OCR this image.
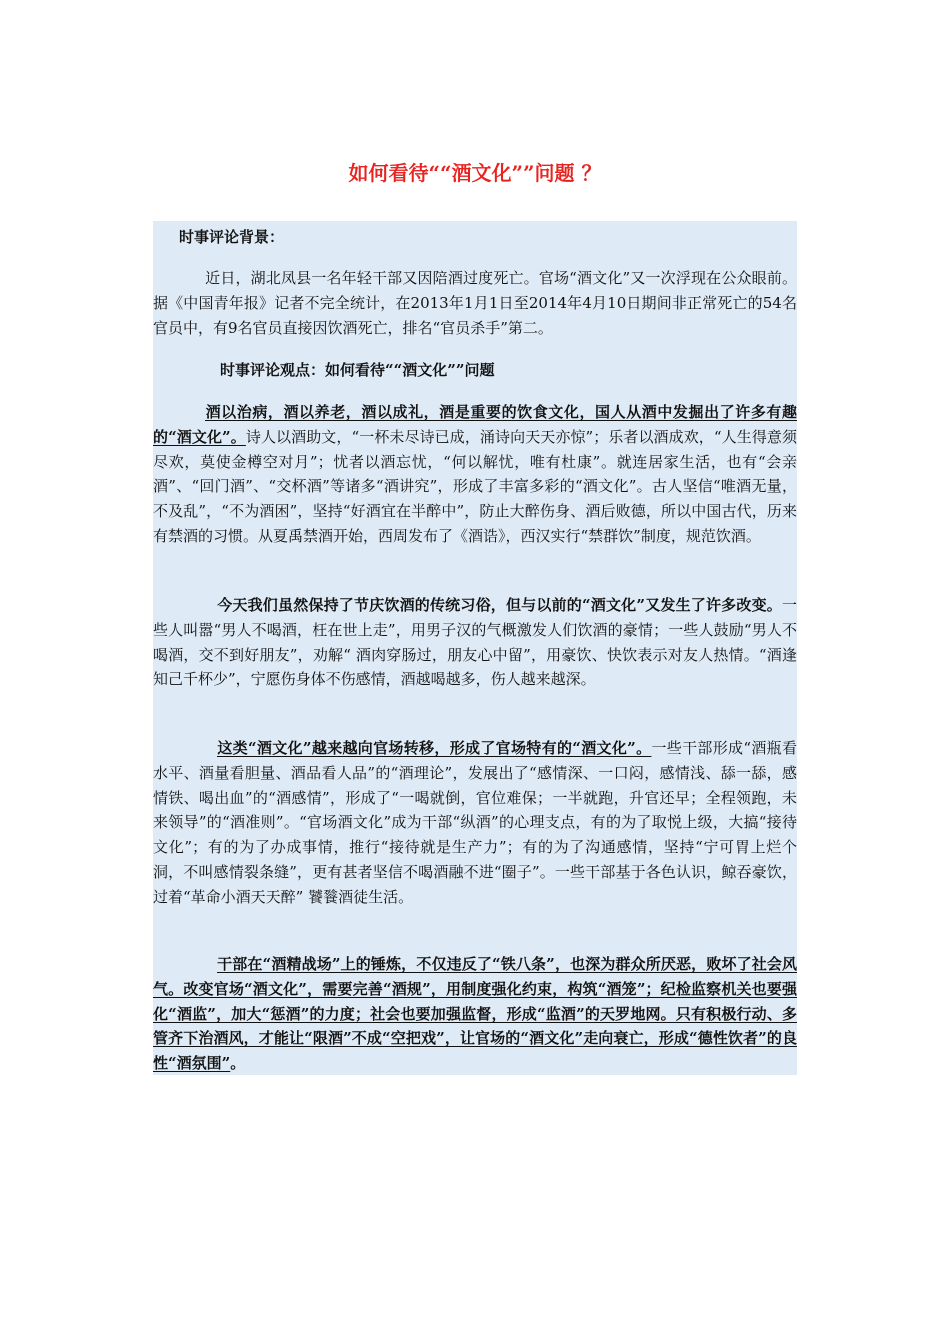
如何看待““酒文化””问题 ？
时事评论背景：
近日，湖北凤县一名年轻干部又因陪酒过度死亡。官场“酒文化”又一次浮现在公众眼前。据《中国青年报》记者不完全统计，在2013年1月1日至2014年4月10日期间非正常死亡的54名官员中，有9名官员直接因饮酒死亡，排名“官员杀手”第二。
时事评论观点：如何看待““酒文化””问题
酒以治病，酒以养老，酒以成礼，酒是重要的饮食文化，国人从酒中发掘出了许多有趣的“酒文化”。诗人以酒助文，“一杯未尽诗已成，涌诗向天天亦惊”；乐者以酒成欢，“人生得意须尽欢，莫使金樽空对月”；忧者以酒忘忧，“何以解忧，唯有杜康”。就连居家生活，也有“会亲酒”、“回门酒”、“交杯酒”等诸多“酒讲究”，形成了丰富多彩的“酒文化”。古人坚信“唯酒无量，不及乱”，“不为酒困”，坚持“好酒宜在半醉中”，防止大醉伤身、酒后败德，所以中国古代，历来有禁酒的习惯。从夏禹禁酒开始，西周发布了《酒诰》，西汉实行“禁群饮”制度，规范饮酒。
今天我们虽然保持了节庆饮酒的传统习俗，但与以前的“酒文化”又发生了许多改变。一些人叫嚣“男人不喝酒，枉在世上走”，用男子汉的气概激发人们饮酒的豪情；一些人鼓励“男人不喝酒，交不到好朋友”，劝解“ 酒肉穿肠过，朋友心中留”，用豪饮、快饮表示对友人热情。“酒逢知己千杯少”，宁愿伤身体不伤感情，酒越喝越多，伤人越来越深。
这类“酒文化”越来越向官场转移，形成了官场特有的“酒文化”。一些干部形成“酒瓶看水平、酒量看胆量、酒品看人品”的“酒理论”，发展出了“感情深、一口闷，感情浅、舔一舔，感情铁、喝出血”的“酒感情”，形成了“一喝就倒，官位难保；一半就跑，升官还早；全程领跑，未来领导”的“酒准则”。“官场酒文化”成为干部“纵酒”的心理支点，有的为了取悦上级，大搞“接待文化”；有的为了办成事情，推行“接待就是生产力”；有的为了沟通感情，坚持“宁可胃上烂个洞，不叫感情裂条缝”，更有甚者坚信不喝酒融不进“圈子”。一些干部基于各色认识，鲸吞豪饮，过着“革命小酒天天醉” 饕餮酒徒生活。
干部在“酒精战场”上的锤炼，不仅违反了“铁八条”，也深为群众所厌恶，败坏了社会风气。改变官场“酒文化”，需要完善“酒规”，用制度强化约束，构筑“酒笼”；纪检监察机关也要强化“酒监”，加大“惩酒”的力度；社会也要加强监督，形成“监酒”的天罗地网。只有积极行动、多管齐下治酒风，才能让“限酒”不成“空把戏”，让官场的“酒文化”走向衰亡，形成“德性饮者”的良性“酒氛围”。
